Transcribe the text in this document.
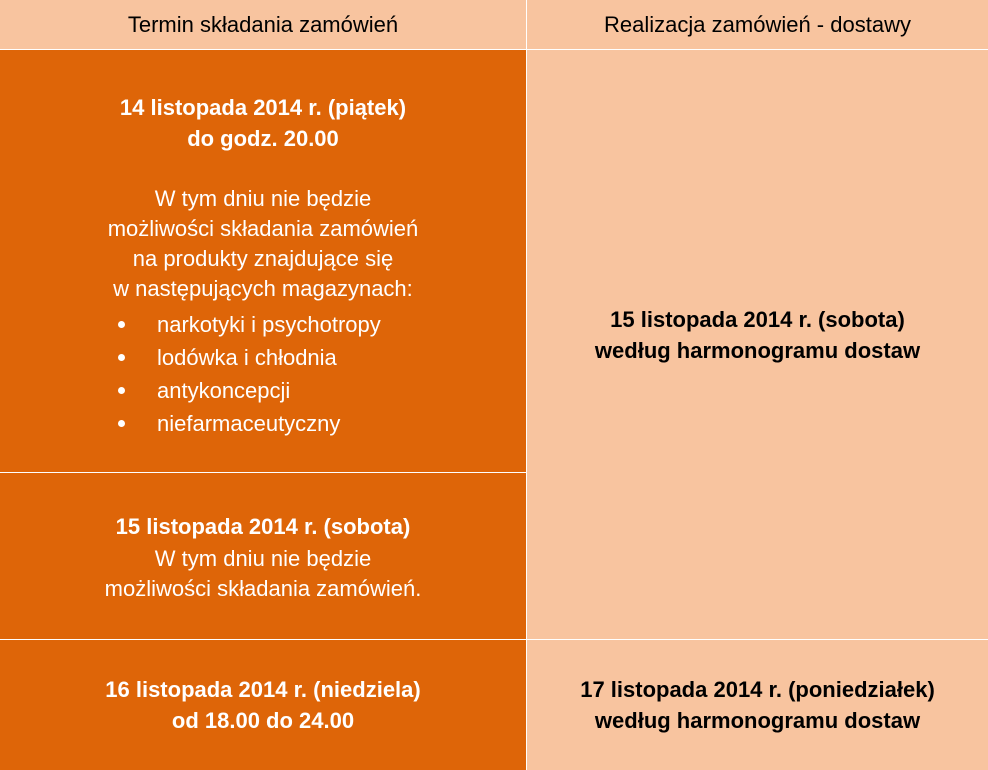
Termin składania zamówień	Realizacja zamówień - dostawy
14 listopada 2014 r. (piątek)
do godz. 20.00
W tym dniu nie będzie
możliwości składania zamówień
na produkty znajdujące się
w następujących magazynach:
narkotyki i psychotropy
lodówka i chłodnia
antykoncepcji
niefarmaceutyczny
15 listopada 2014 r. (sobota)
W tym dniu nie będzie
możliwości składania zamówień.
15 listopada 2014 r. (sobota)
według harmonogramu dostaw
16 listopada 2014 r. (niedziela)
od 18.00 do 24.00
17 listopada 2014 r. (poniedziałek)
według harmonogramu dostaw
